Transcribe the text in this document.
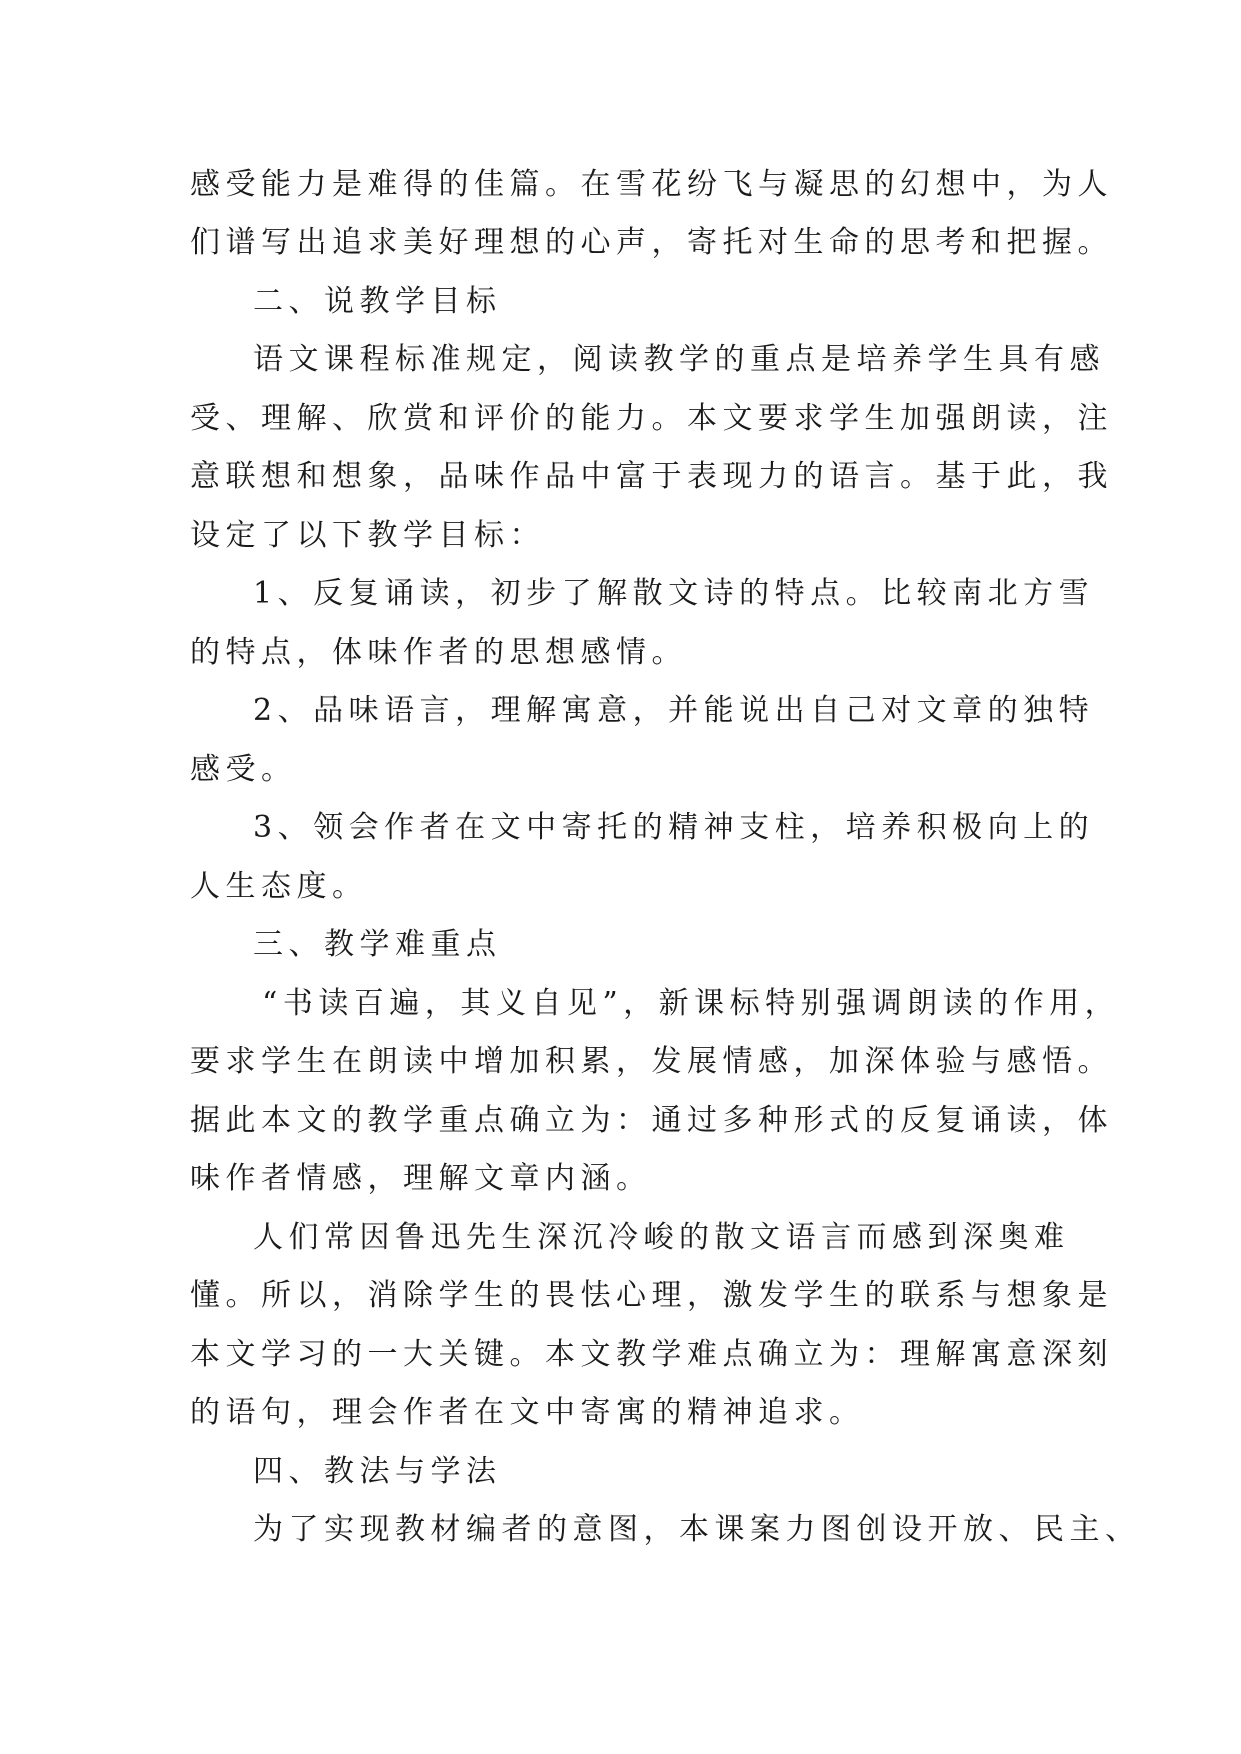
感受能力是难得的佳篇。在雪花纷飞与凝思的幻想中，为人
们谱写出追求美好理想的心声，寄托对生命的思考和把握。
二、说教学目标
语文课程标准规定，阅读教学的重点是培养学生具有感
受、理解、欣赏和评价的能力。本文要求学生加强朗读，注
意联想和想象，品味作品中富于表现力的语言。基于此，我
设定了以下教学目标：
1、反复诵读，初步了解散文诗的特点。比较南北方雪
的特点，体味作者的思想感情。
2、品味语言，理解寓意，并能说出自己对文章的独特
感受。
3、领会作者在文中寄托的精神支柱，培养积极向上的
人生态度。
三、教学难重点
“书读百遍，其义自见”，新课标特别强调朗读的作用，
要求学生在朗读中增加积累，发展情感，加深体验与感悟。
据此本文的教学重点确立为：通过多种形式的反复诵读，体
味作者情感，理解文章内涵。
人们常因鲁迅先生深沉冷峻的散文语言而感到深奥难
懂。所以，消除学生的畏怯心理，激发学生的联系与想象是
本文学习的一大关键。本文教学难点确立为：理解寓意深刻
的语句，理会作者在文中寄寓的精神追求。
四、教法与学法
为了实现教材编者的意图，本课案力图创设开放、民主、
